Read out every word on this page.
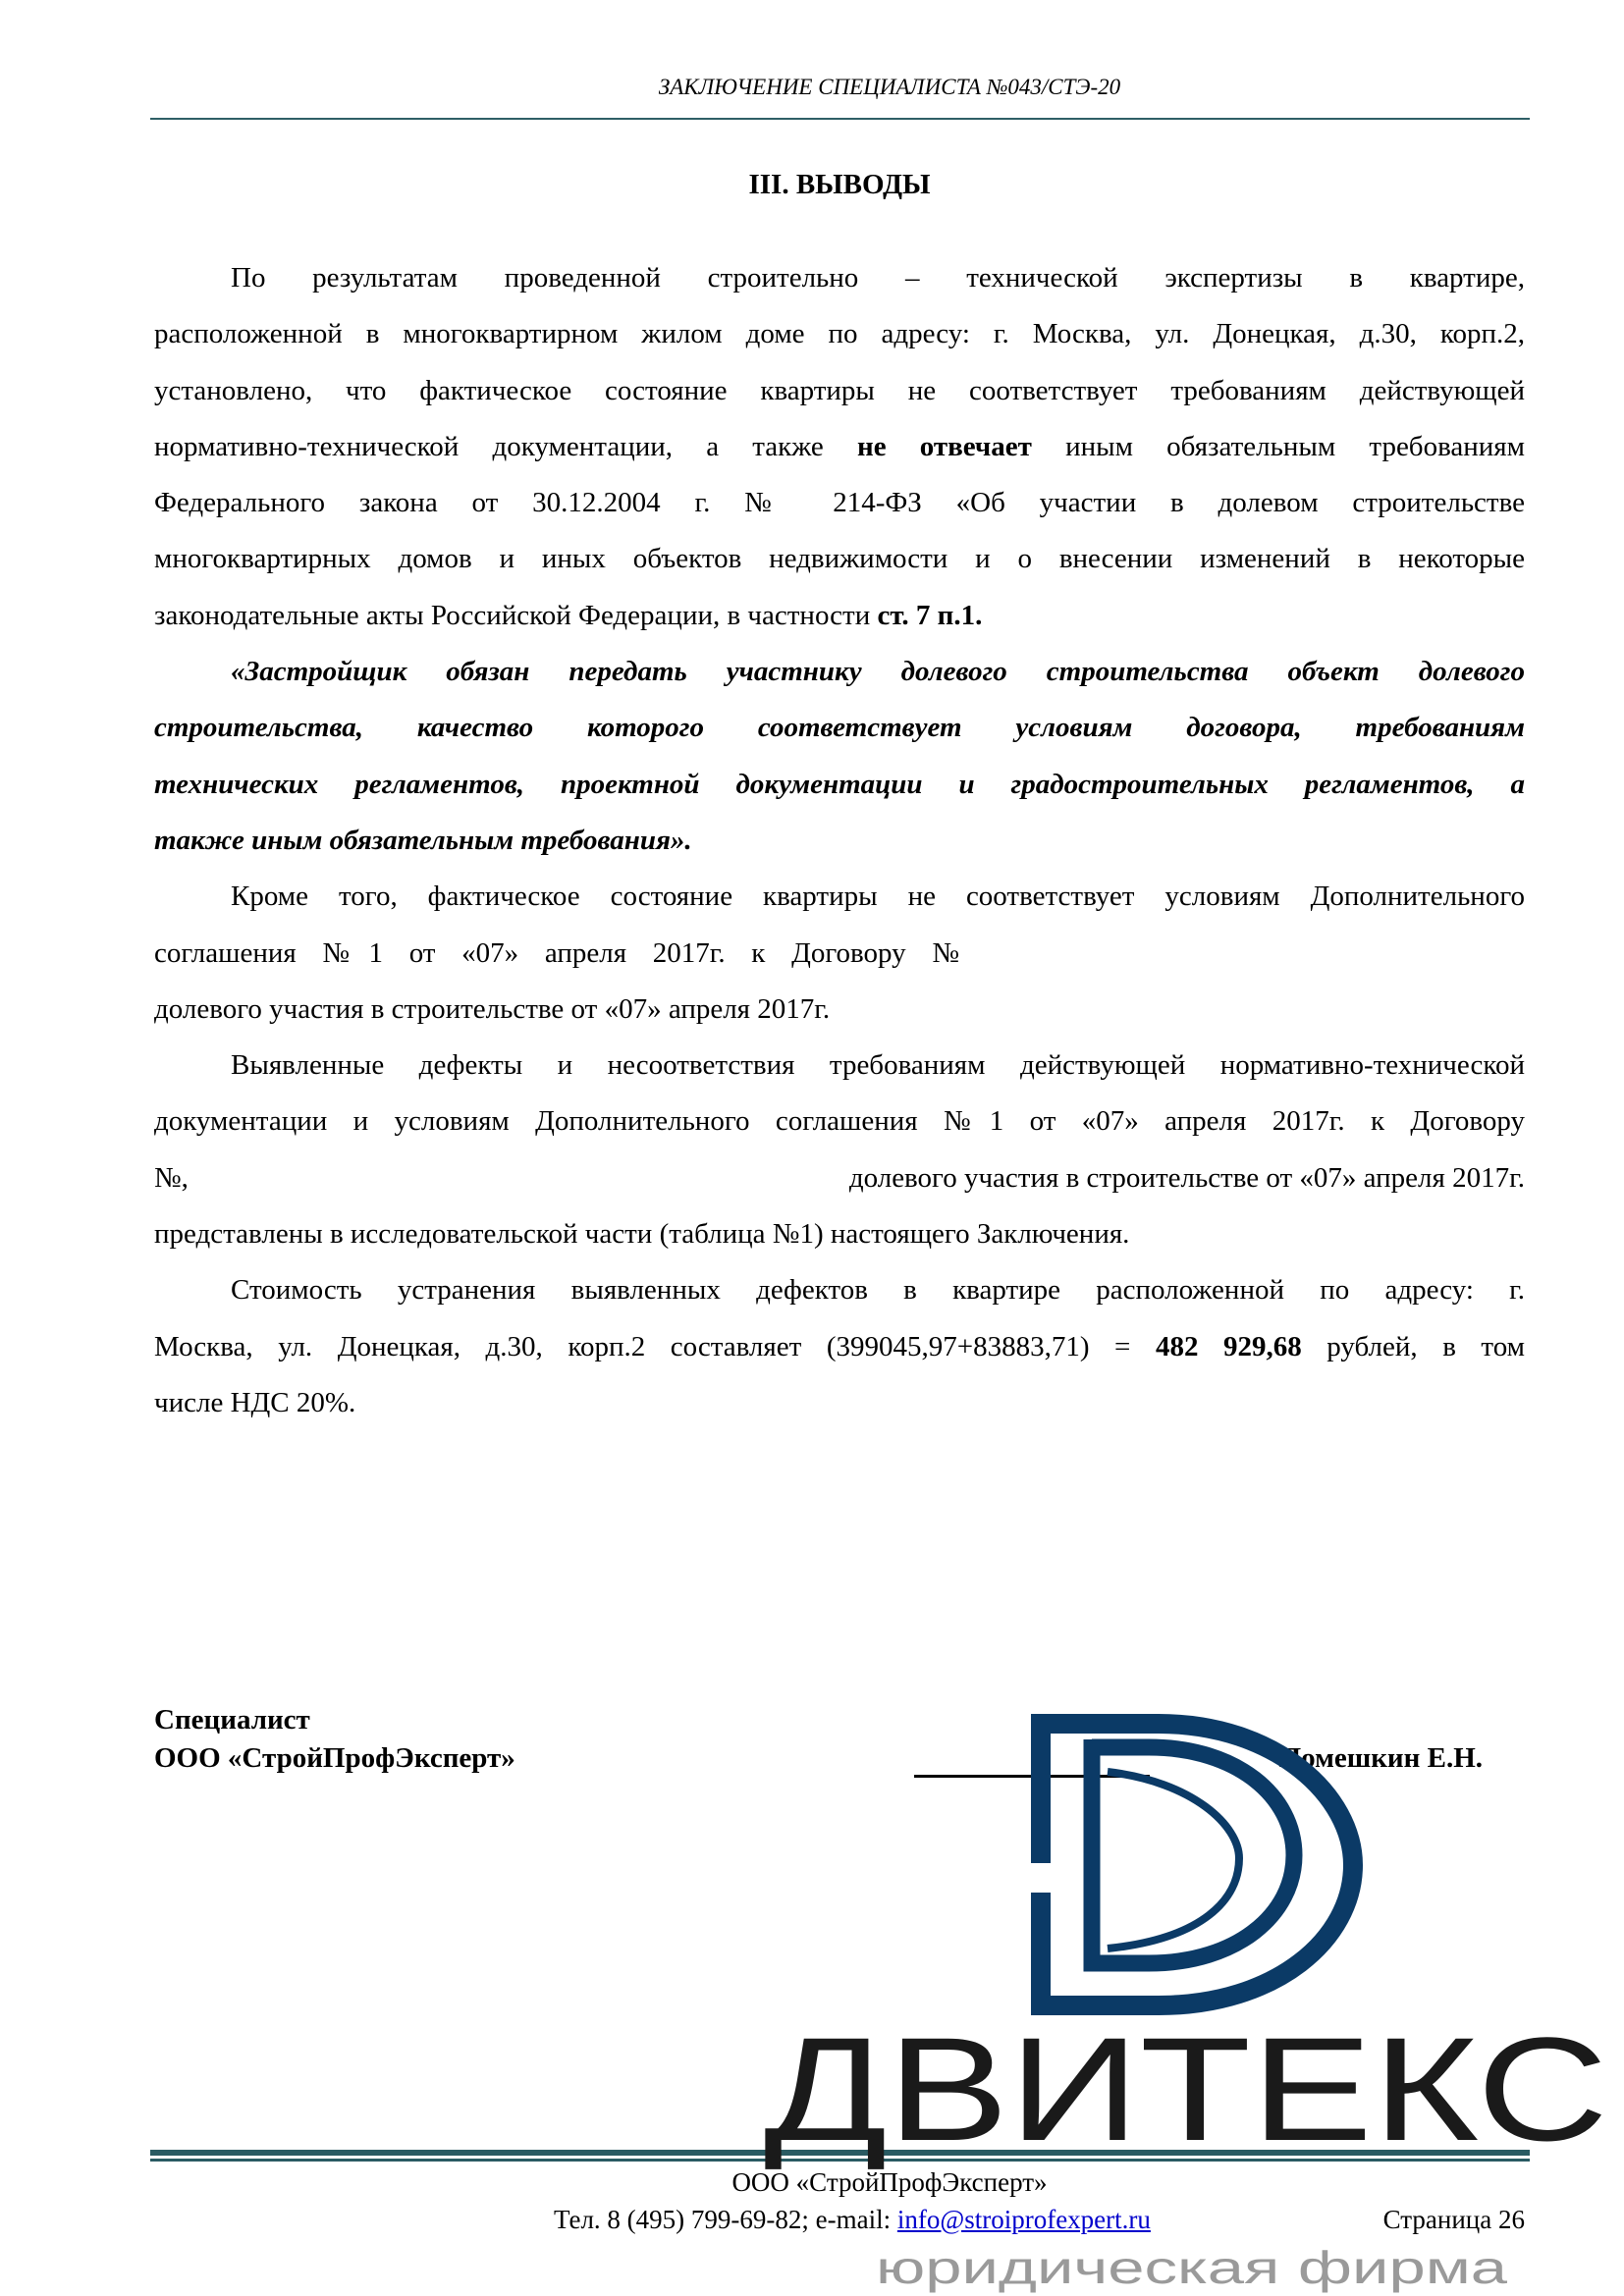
ЗАКЛЮЧЕНИЕ СПЕЦИАЛИСТА №043/СТЭ-20
III. ВЫВОДЫ
По результатам проведенной строительно – технической экспертизы в квартире,
расположенной в многоквартирном жилом доме по адресу: г. Москва, ул. Донецкая, д.30, корп.2,
установлено, что фактическое состояние квартиры не соответствует требованиям действующей
нормативно-технической документации, а также не отвечает иным обязательным требованиям
Федерального закона от 30.12.2004 г. № 214-ФЗ «Об участии в долевом строительстве
многоквартирных домов и иных объектов недвижимости и о внесении изменений в некоторые
законодательные акты Российской Федерации, в частности ст. 7 п.1.
«Застройщик обязан передать участнику долевого строительства объект долевого
строительства, качество которого соответствует условиям договора, требованиям
технических регламентов, проектной документации и градостроительных регламентов, а
также иным обязательным требования».
Кроме того, фактическое состояние квартиры не соответствует условиям Дополнительного
соглашения №1 от «07» апреля 2017г. к Договору №
долевого участия в строительстве от «07» апреля 2017г.
Выявленные дефекты и несоответствия требованиям действующей нормативно-технической
документации и условиям Дополнительного соглашения №1 от «07» апреля 2017г. к Договору
№,	долевого участия в строительстве от «07» апреля 2017г.
представлены в исследовательской части (таблица №1) настоящего Заключения.
Стоимость устранения выявленных дефектов в квартире расположенной по адресу: г.
Москва, ул. Донецкая, д.30, корп.2 составляет (399045,97+83883,71) = 482 929,68 рублей, в том
числе НДС 20%.
Специалист
ООО «СтройПрофЭксперт»	Помешкин Е.Н.
ООО «СтройПрофЭксперт»
Тел. 8 (495) 799-69-82; e-mail: info@stroiprofexpert.ru	Страница 26
ДВИТЕКС
юридическая фирма
